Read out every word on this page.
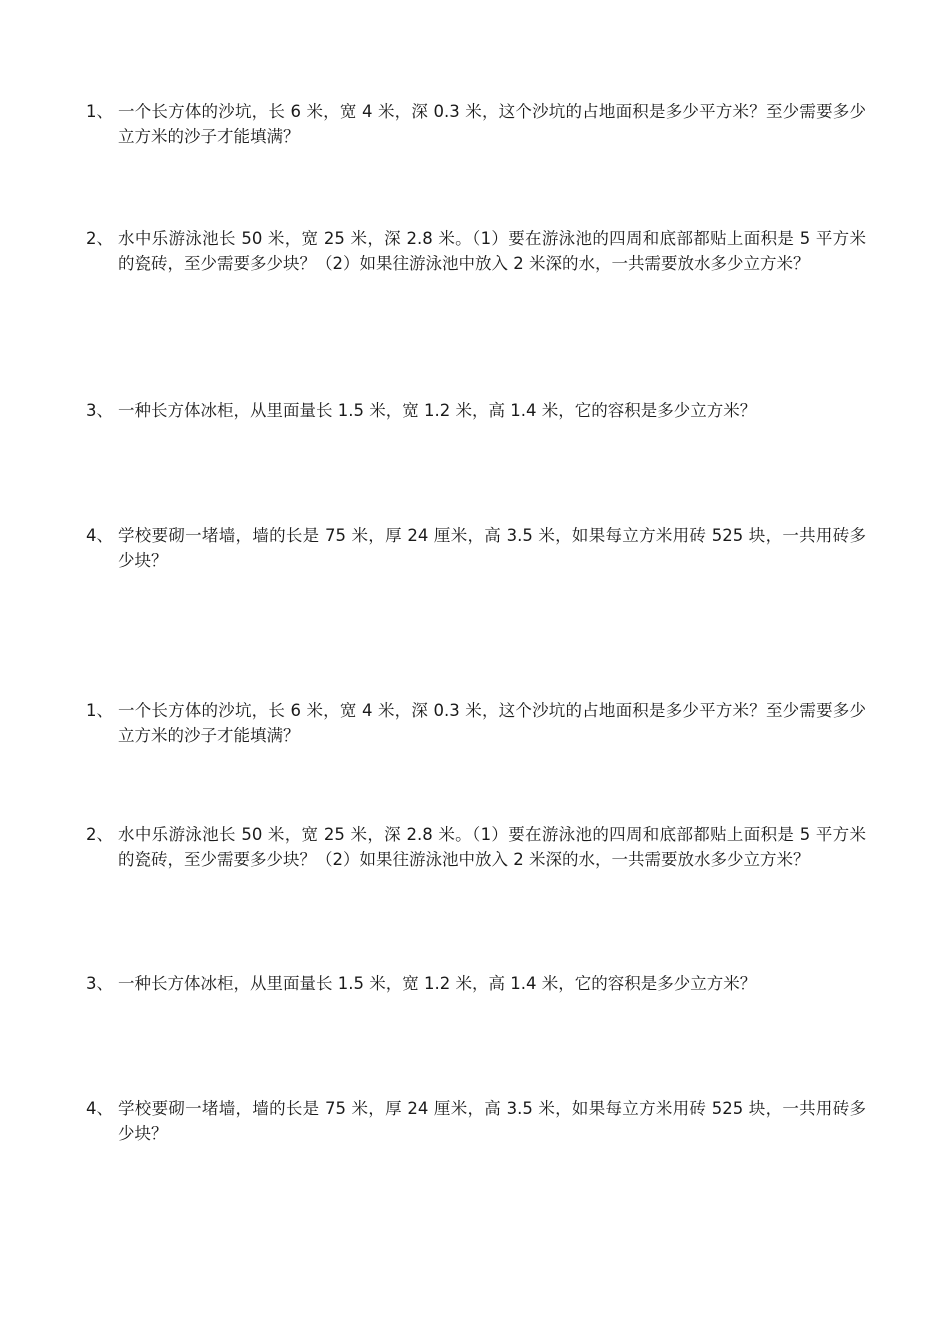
1、 一个长方体的沙坑，长 6 米，宽 4 米，深 0.3 米，这个沙坑的占地面积是多少平方米？至少需要多少立方米的沙子才能填满？
2、 水中乐游泳池长 50 米，宽 25 米，深 2.8 米。（1）要在游泳池的四周和底部都贴上面积是 5 平方米的瓷砖，至少需要多少块？（2）如果往游泳池中放入 2 米深的水，一共需要放水多少立方米？
3、 一种长方体冰柜，从里面量长 1.5 米，宽 1.2 米，高 1.4 米，它的容积是多少立方米？
4、 学校要砌一堵墙，墙的长是 75 米，厚 24 厘米，高 3.5 米，如果每立方米用砖 525 块，一共用砖多少块？
1、 一个长方体的沙坑，长 6 米，宽 4 米，深 0.3 米，这个沙坑的占地面积是多少平方米？至少需要多少立方米的沙子才能填满？
2、 水中乐游泳池长 50 米，宽 25 米，深 2.8 米。（1）要在游泳池的四周和底部都贴上面积是 5 平方米的瓷砖，至少需要多少块？（2）如果往游泳池中放入 2 米深的水，一共需要放水多少立方米？
3、 一种长方体冰柜，从里面量长 1.5 米，宽 1.2 米，高 1.4 米，它的容积是多少立方米？
4、 学校要砌一堵墙，墙的长是 75 米，厚 24 厘米，高 3.5 米，如果每立方米用砖 525 块，一共用砖多少块？
